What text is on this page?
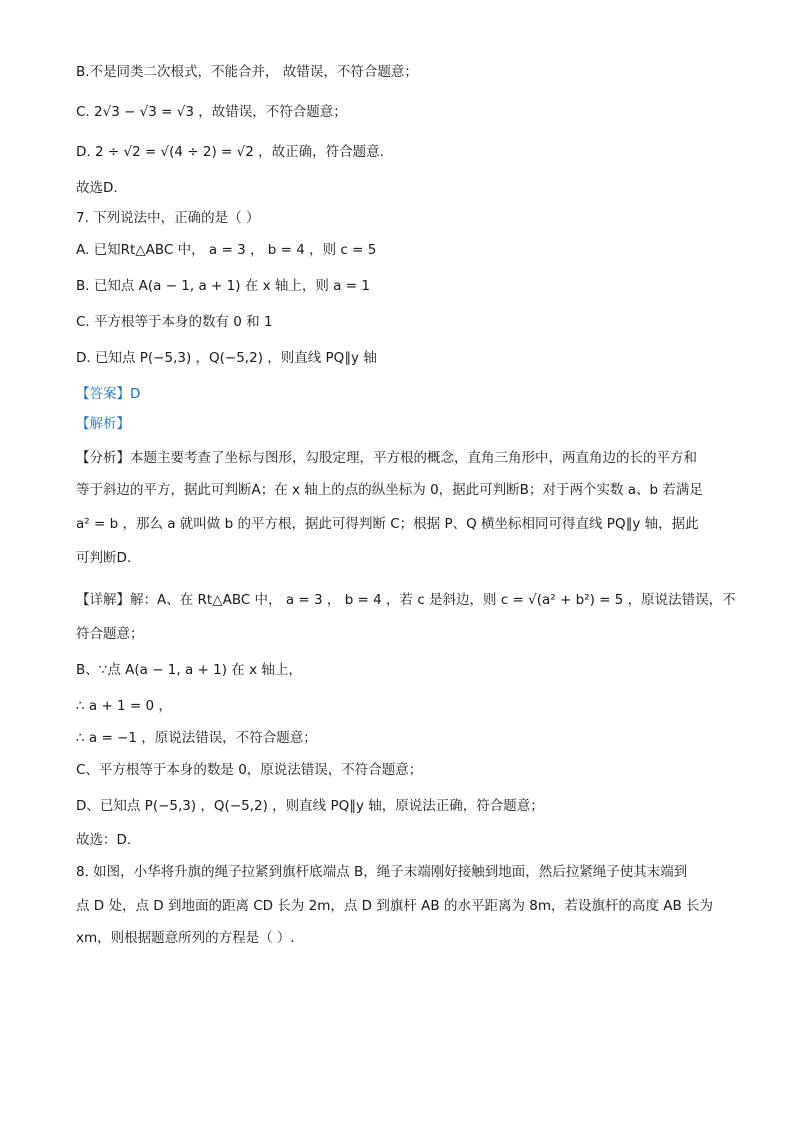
B.不是同类二次根式，不能合并， 故错误，不符合题意；
C. 2√3 − √3 = √3 ，故错误，不符合题意；
D. 2 ÷ √2 = √(4 ÷ 2) = √2 ，故正确，符合题意.
故选D.
7. 下列说法中，正确的是（ ）
A. 已知Rt△ABC 中， a = 3 ， b = 4 ，则 c = 5
B. 已知点 A(a − 1, a + 1) 在 x 轴上，则 a = 1
C. 平方根等于本身的数有 0 和 1
D. 已知点 P(−5,3) ，Q(−5,2) ，则直线 PQ∥y 轴
【答案】D
【解析】
【分析】本题主要考查了坐标与图形，勾股定理，平方根的概念，直角三角形中，两直角边的长的平方和
等于斜边的平方，据此可判断A；在 x 轴上的点的纵坐标为 0，据此可判断B；对于两个实数 a、b 若满足
a² = b ，那么 a 就叫做 b 的平方根，据此可得判断 C；根据 P、Q 横坐标相同可得直线 PQ∥y 轴，据此
可判断D.
【详解】解：A、在 Rt△ABC 中， a = 3 ， b = 4 ，若 c 是斜边，则 c = √(a² + b²) = 5 ，原说法错误，不
符合题意；
B、∵点 A(a − 1, a + 1) 在 x 轴上，
∴ a + 1 = 0 ，
∴ a = −1 ，原说法错误，不符合题意；
C、平方根等于本身的数是 0，原说法错误，不符合题意；
D、已知点 P(−5,3) ，Q(−5,2) ，则直线 PQ∥y 轴，原说法正确，符合题意；
故选：D.
8. 如图，小华将升旗的绳子拉紧到旗杆底端点 B，绳子末端刚好接触到地面，然后拉紧绳子使其末端到
点 D 处，点 D 到地面的距离 CD 长为 2m，点 D 到旗杆 AB 的水平距离为 8m，若设旗杆的高度 AB 长为
xm，则根据题意所列的方程是（ ）.
